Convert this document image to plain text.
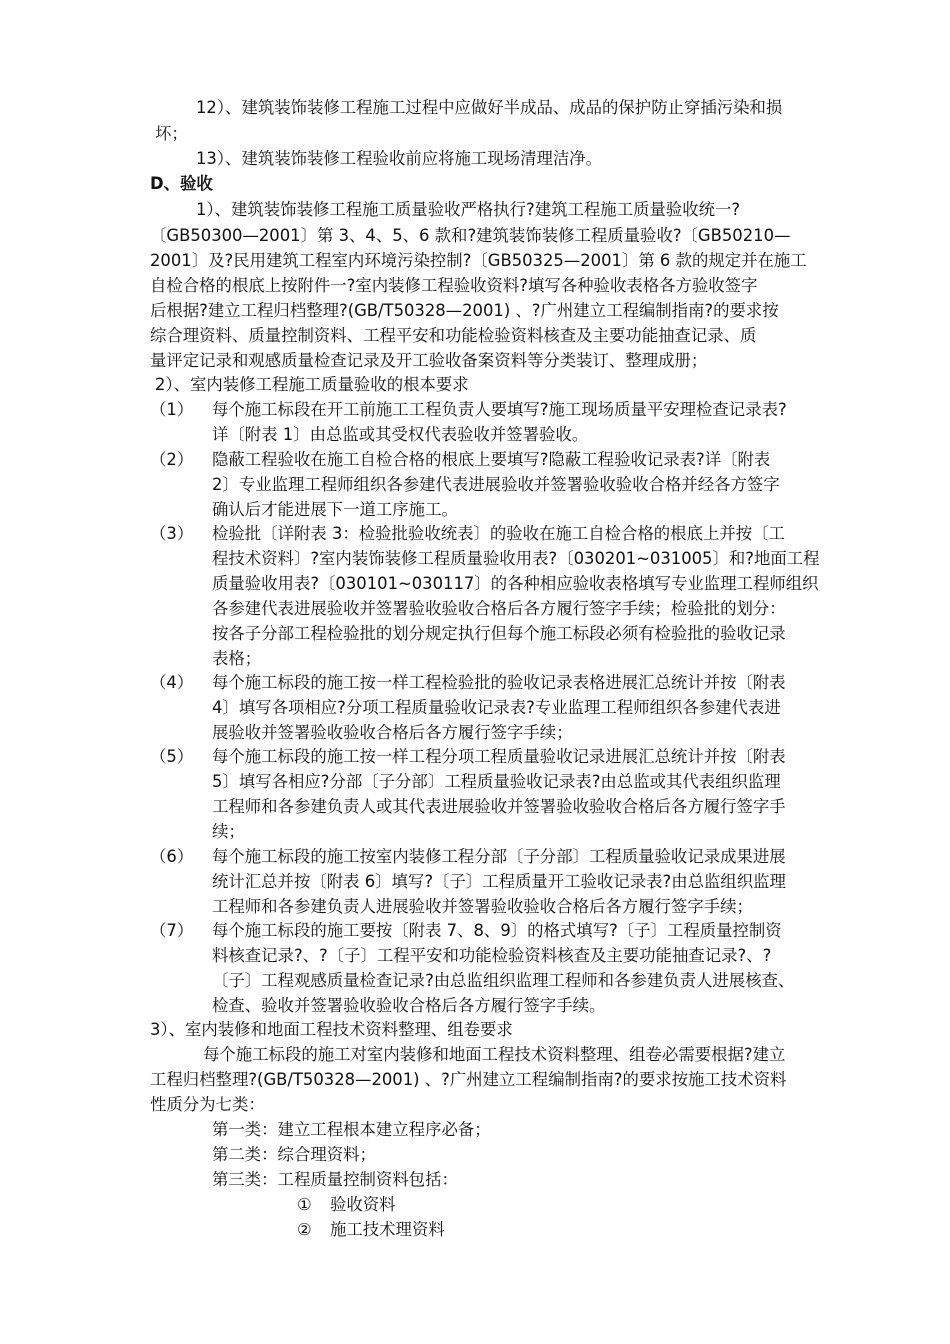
12）、建筑装饰装修工程施工过程中应做好半成品、成品的保护防止穿插污染和损
坏；
13）、建筑装饰装修工程验收前应将施工现场清理洁净。
D、验收
1）、建筑装饰装修工程施工质量验收严格执行?建筑工程施工质量验收统一?
〔GB50300—2001〕第 3、4、5、6 款和?建筑装饰装修工程质量验收?〔GB50210—
2001〕及?民用建筑工程室内环境污染控制?〔GB50325—2001〕第 6 款的规定并在施工
自检合格的根底上按附件一?室内装修工程验收资料?填写各种验收表格各方验收签字
后根据?建立工程归档整理?(GB/T50328—2001) 、?广州建立工程编制指南?的要求按
综合理资料、质量控制资料、工程平安和功能检验资料核查及主要功能抽查记录、质
量评定记录和观感质量检查记录及开工验收备案资料等分类装订、整理成册；
2）、室内装修工程施工质量验收的根本要求
（1） 每个施工标段在开工前施工工程负责人要填写?施工现场质量平安理检查记录表?
详〔附表 1〕由总监或其受权代表验收并签署验收。
（2） 隐蔽工程验收在施工自检合格的根底上要填写?隐蔽工程验收记录表?详〔附表
2〕专业监理工程师组织各参建代表进展验收并签署验收验收合格并经各方签字
确认后才能进展下一道工序施工。
（3） 检验批〔详附表 3：检验批验收统表〕的验收在施工自检合格的根底上并按〔工
程技术资料〕?室内装饰装修工程质量验收用表?〔030201~031005〕和?地面工程
质量验收用表?〔030101~030117〕的各种相应验收表格填写专业监理工程师组织
各参建代表进展验收并签署验收验收合格后各方履行签字手续；检验批的划分：
按各子分部工程检验批的划分规定执行但每个施工标段必须有检验批的验收记录
表格；
（4） 每个施工标段的施工按一样工程检验批的验收记录表格进展汇总统计并按〔附表
4〕填写各项相应?分项工程质量验收记录表?专业监理工程师组织各参建代表进
展验收并签署验收验收合格后各方履行签字手续；
（5） 每个施工标段的施工按一样工程分项工程质量验收记录进展汇总统计并按〔附表
5〕填写各相应?分部〔子分部〕工程质量验收记录表?由总监或其代表组织监理
工程师和各参建负责人或其代表进展验收并签署验收验收合格后各方履行签字手
续；
（6） 每个施工标段的施工按室内装修工程分部〔子分部〕工程质量验收记录成果进展
统计汇总并按〔附表 6〕填写?〔子〕工程质量开工验收记录表?由总监组织监理
工程师和各参建负责人进展验收并签署验收验收合格后各方履行签字手续；
（7） 每个施工标段的施工要按〔附表 7、8、9〕的格式填写?〔子〕工程质量控制资
料核查记录?、?〔子〕工程平安和功能检验资料核查及主要功能抽查记录?、?
〔子〕工程观感质量检查记录?由总监组织监理工程师和各参建负责人进展核查、
检查、验收并签署验收验收合格后各方履行签字手续。
3）、室内装修和地面工程技术资料整理、组卷要求
每个施工标段的施工对室内装修和地面工程技术资料整理、组卷必需要根据?建立
工程归档整理?(GB/T50328—2001) 、?广州建立工程编制指南?的要求按施工技术资料
性质分为七类：
第一类：建立工程根本建立程序必备；
第二类：综合理资料；
第三类：工程质量控制资料包括：
① 验收资料
② 施工技术理资料
